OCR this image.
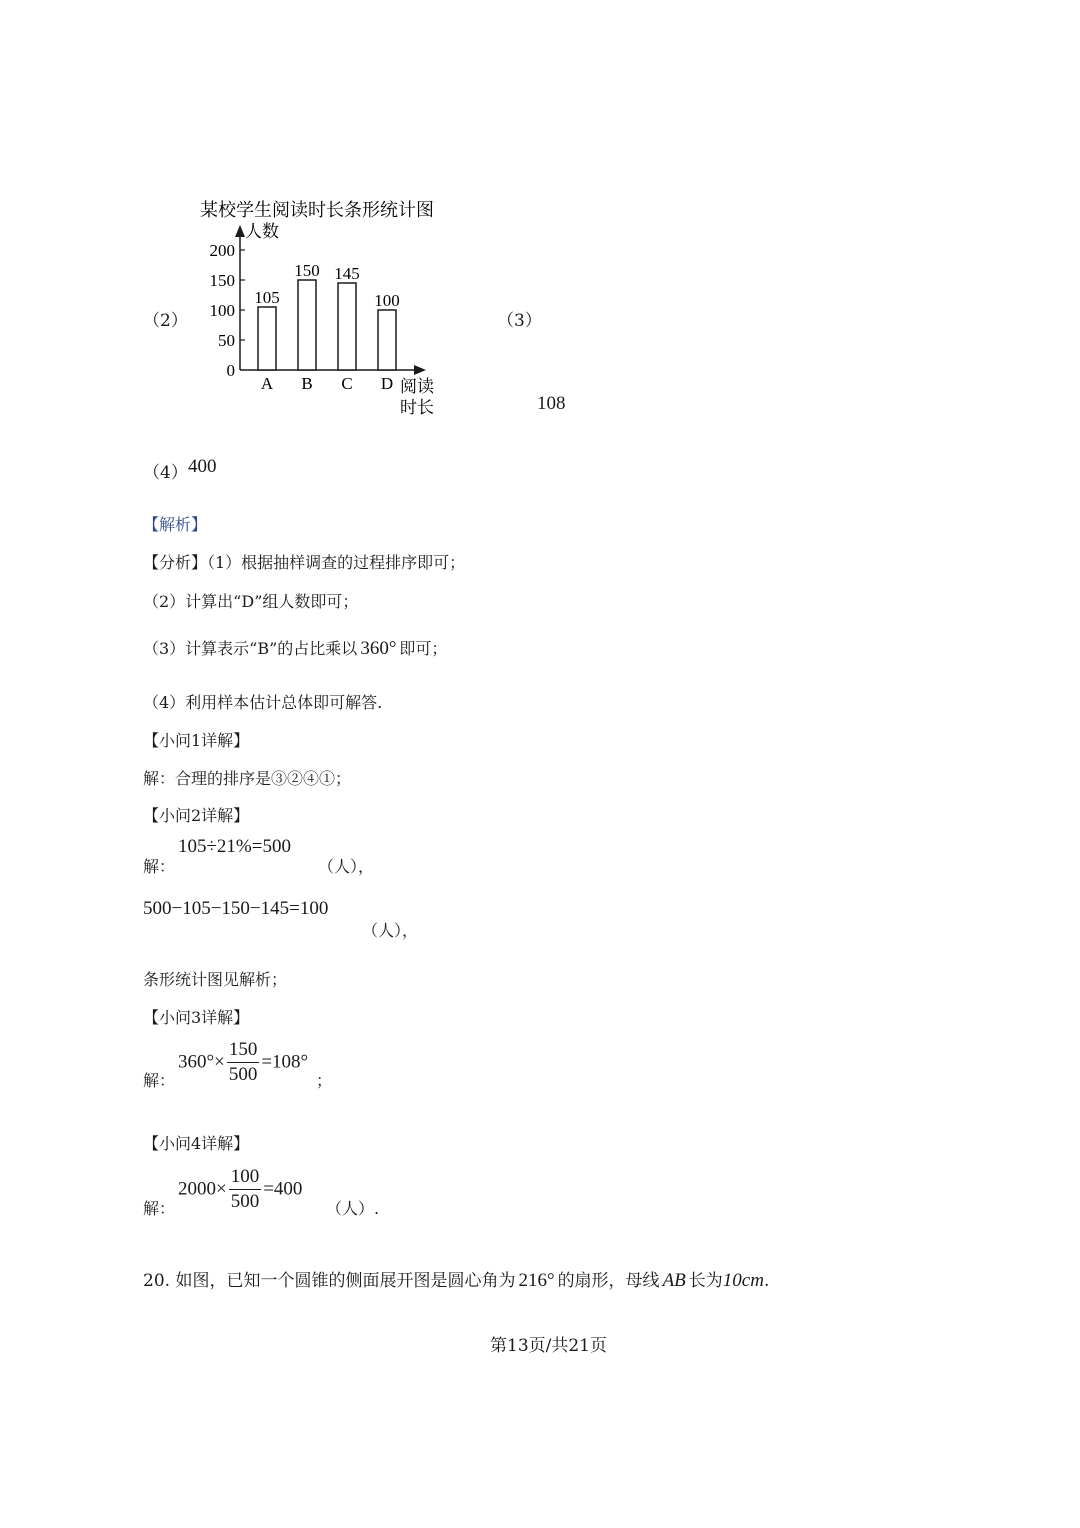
某校学生阅读时长条形统计图
人数
200
150
100
50
0
105
A
150
B
145
C
100
D 阅读
时长
（2）	（3）
108
（4） 400
【解析】
【分析】（1）根据抽样调查的过程排序即可；
（2）计算出“D”组人数即可；
（3）计算表示“B”的占比乘以 360° 即可；
（4）利用样本估计总体即可解答.
【小问1详解】
解：合理的排序是③②④①；
【小问2详解】
解：
105÷21%=500
（人），
500−105−150−145=100
（人），
条形统计图见解析；
【小问3详解】
解：
$360^\circ\times \frac{150}{500} =108^\circ$
；
【小问4详解】
解：
$2000\times \frac{100}{500} =400$
（人）.
20. 如图，已知一个圆锥的侧面展开图是圆心角为 216° 的扇形，母线 AB 长为10cm.
第13页/共21页
